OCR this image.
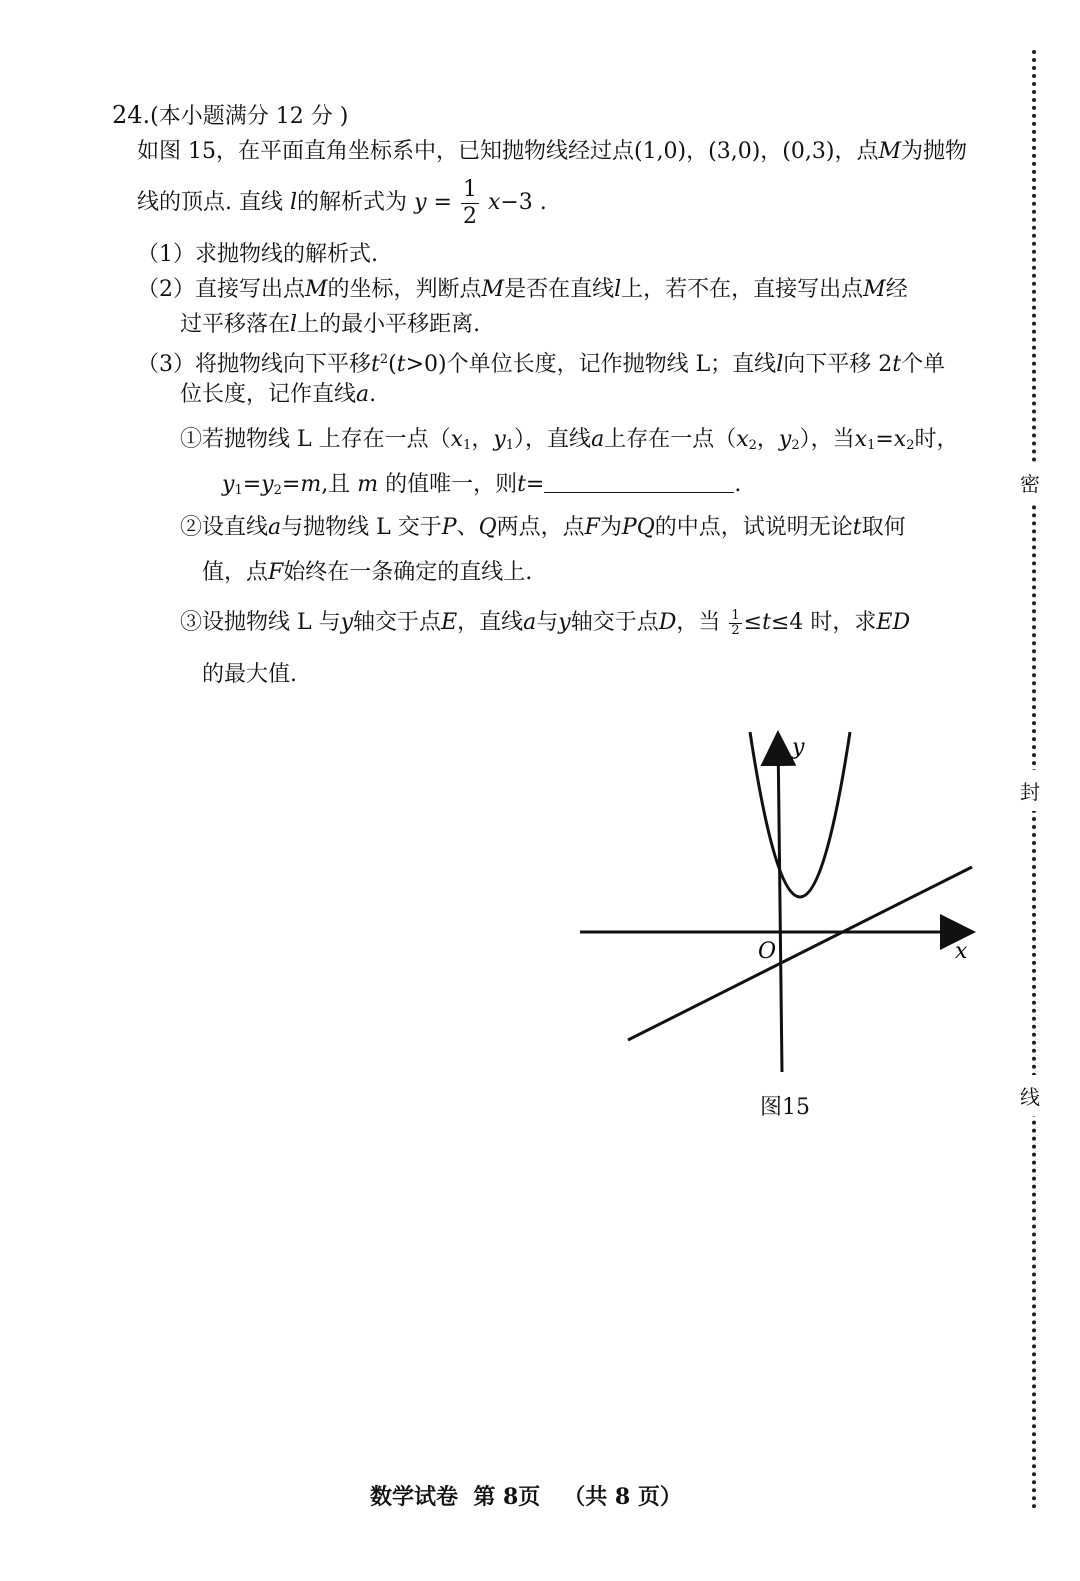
密
封
线
24.(本小题满分 12 分 )
如图 15，在平面直角坐标系中，已知抛物线经过点(1,0)，(3,0)，(0,3)，点M为抛物
线的顶点. 直线 l的解析式为 $y = \frac{1}{2} x-3$ .
（1）求抛物线的解析式.
（2）直接写出点M的坐标，判断点M是否在直线l上，若不在，直接写出点M经
过平移落在l上的最小平移距离.
（3）将抛物线向下平移$t^2(t>0)$个单位长度，记作抛物线 L；直线l向下平移 2t个单
位长度，记作直线a.
①若抛物线 L 上存在一点（$x_1$，$y_1$），直线a上存在一点（$x_2$，$y_2$），当$x_1=x_2$时，
$y_1=y_2=m$,且 m 的值唯一，则t=	.
②设直线a与抛物线 L 交于P、Q两点，点F为PQ的中点，试说明无论t取何
值，点F始终在一条确定的直线上.
③设抛物线 L 与y轴交于点E，直线a与y轴交于点D，当 $\frac{1}{2} \le t\le 4$ 时，求ED
的最大值.
y
x
O
图15
数学试卷  第 8页   （共 8 页）
